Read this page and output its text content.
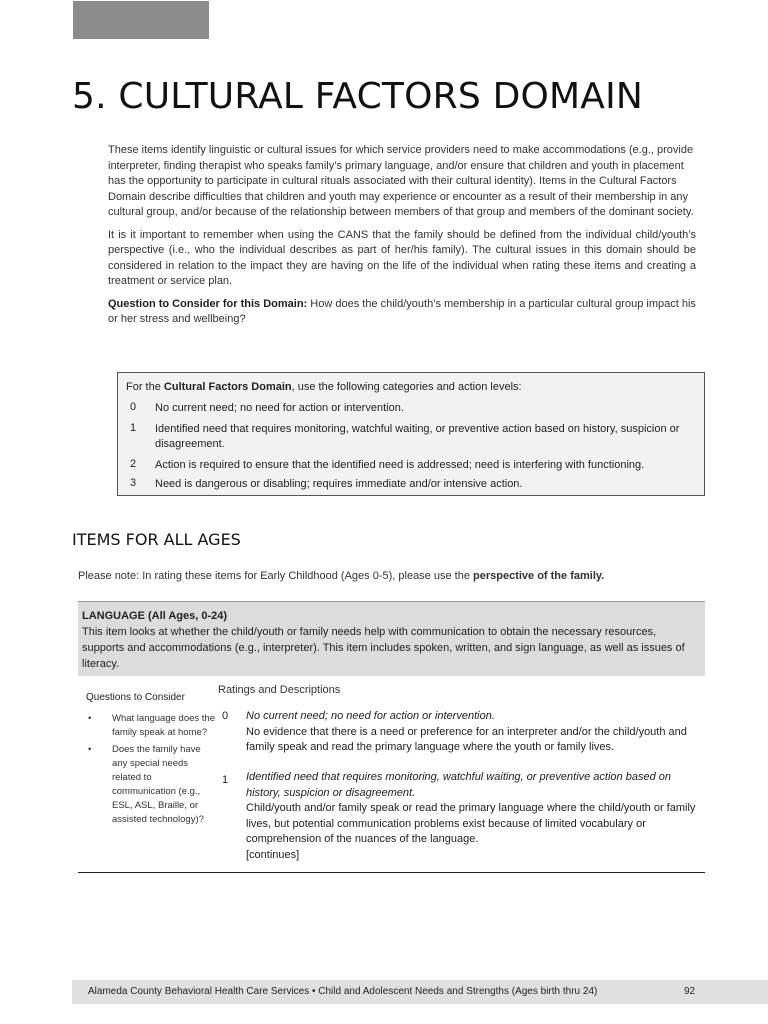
5. CULTURAL FACTORS DOMAIN

These items identify linguistic or cultural issues for which service providers need to make accommodations (e.g., provide interpreter, finding therapist who speaks family’s primary language, and/or ensure that children and youth in placement has the opportunity to participate in cultural rituals associated with their cultural identity). Items in the Cultural Factors Domain describe difficulties that children and youth may experience or encounter as a result of their membership in any cultural group, and/or because of the relationship between members of that group and members of the dominant society.

It is it important to remember when using the CANS that the family should be defined from the individual child/youth’s perspective (i.e., who the individual describes as part of her/his family). The cultural issues in this domain should be considered in relation to the impact they are having on the life of the individual when rating these items and creating a treatment or service plan.

Question to Consider for this Domain: How does the child/youth’s membership in a particular cultural group impact his or her stress and wellbeing?

For the Cultural Factors Domain, use the following categories and action levels:
0 No current need; no need for action or intervention.
1 Identified need that requires monitoring, watchful waiting, or preventive action based on history, suspicion or disagreement.
2 Action is required to ensure that the identified need is addressed; need is interfering with functioning.
3 Need is dangerous or disabling; requires immediate and/or intensive action.
ITEMS FOR ALL AGES
Please note: In rating these items for Early Childhood (Ages 0-5), please use the perspective of the family.
LANGUAGE (All Ages, 0-24)
This item looks at whether the child/youth or family needs help with communication to obtain the necessary resources, supports and accommodations (e.g., interpreter). This item includes spoken, written, and sign language, as well as issues of literacy.
Questions to Consider
Ratings and Descriptions
• What language does the family speak at home?
• Does the family have any special needs related to communication (e.g., ESL, ASL, Braille, or assisted technology)?
0 No current need; no need for action or intervention.
No evidence that there is a need or preference for an interpreter and/or the child/youth and family speak and read the primary language where the youth or family lives.
1 Identified need that requires monitoring, watchful waiting, or preventive action based on history, suspicion or disagreement.
Child/youth and/or family speak or read the primary language where the child/youth or family lives, but potential communication problems exist because of limited vocabulary or comprehension of the nuances of the language.
[continues]
Alameda County Behavioral Health Care Services • Child and Adolescent Needs and Strengths (Ages birth thru 24)	92
